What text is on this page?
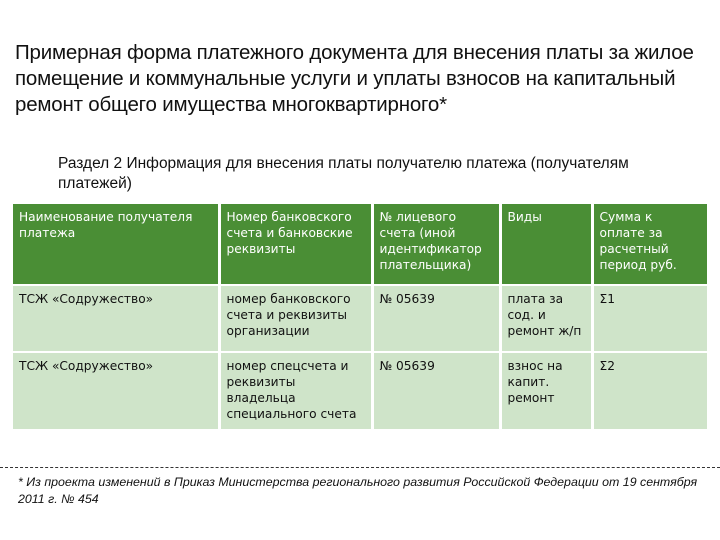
Примерная форма платежного документа для внесения платы за жилое помещение и коммунальные услуги и уплаты взносов на капитальный ремонт общего имущества многоквартирного*
Раздел 2 Информация для внесения платы получателю платежа (получателям платежей)
Наименование получателя платежа	Номер банковского счета и банковские реквизиты	№ лицевого счета (иной идентификатор плательщика)	Виды	Сумма к оплате за расчетный период руб.
ТСЖ «Содружество»	номер банковского счета и реквизиты организации	№ 05639	плата за сод. и ремонт ж/п	Σ1
ТСЖ «Содружество»	номер спецсчета и реквизиты владельца специального счета	№ 05639	взнос на капит. ремонт	Σ2
* Из проекта изменений в Приказ Министерства регионального развития Российской Федерации от 19 сентября 2011 г. № 454
